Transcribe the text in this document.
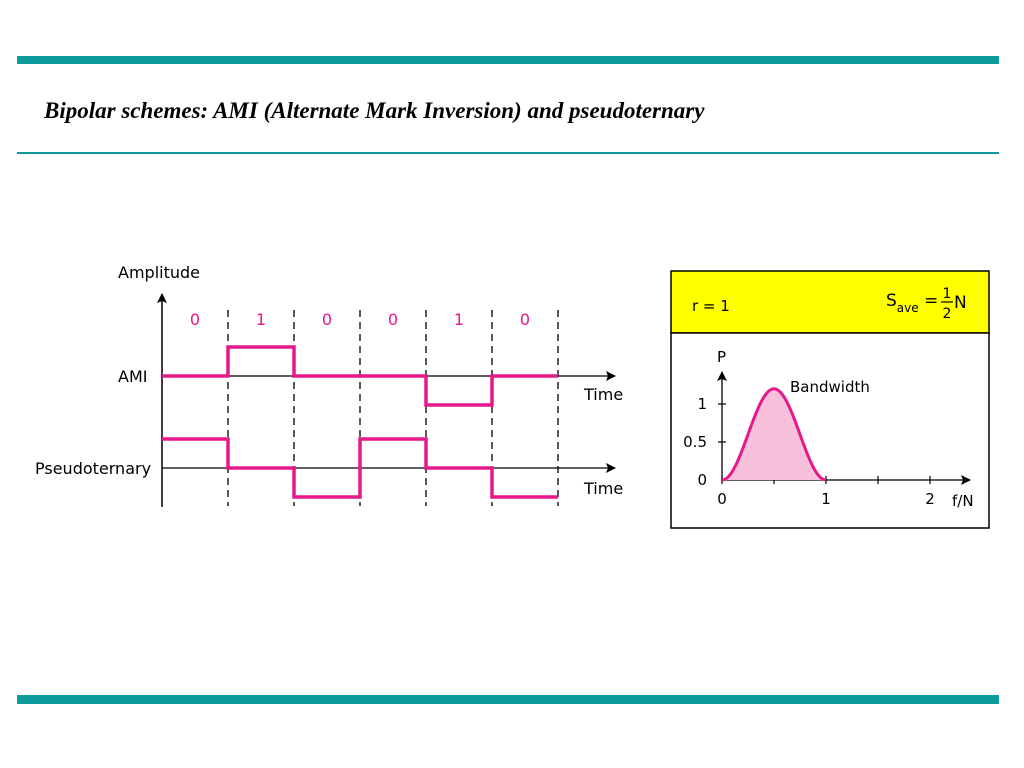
Bipolar schemes: AMI (Alternate Mark Inversion) and pseudoternary
Amplitude
0	1	0	0	1	0
AMI
Time
Pseudoternary
Time
r = 1	$S_{ave} = 1$
2
N
P
f/N
Bandwidth
0	1	2
0
0.5
1
